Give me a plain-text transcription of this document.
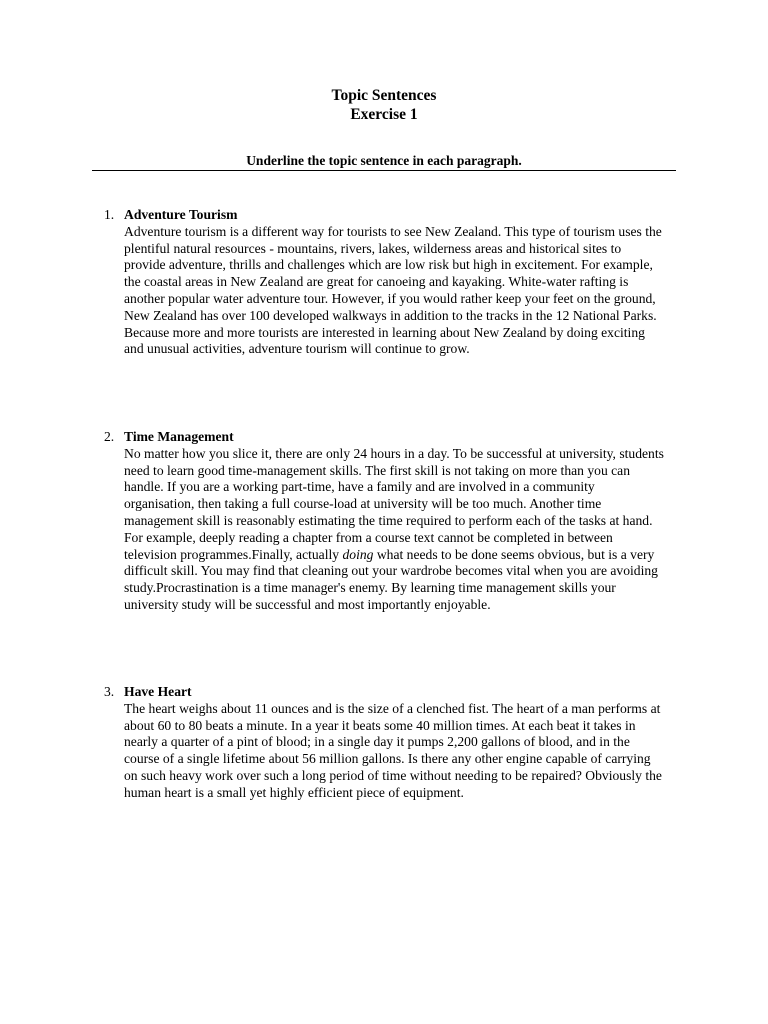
Topic Sentences
Exercise 1
Underline the topic sentence in each paragraph.
1. Adventure Tourism
Adventure tourism is a different way for tourists to see New Zealand. This type of tourism uses the plentiful natural resources - mountains, rivers, lakes, wilderness areas and historical sites to provide adventure, thrills and challenges which are low risk but high in excitement. For example, the coastal areas in New Zealand are great for canoeing and kayaking. White-water rafting is another popular water adventure tour. However, if you would rather keep your feet on the ground, New Zealand has over 100 developed walkways in addition to the tracks in the 12 National Parks. Because more and more tourists are interested in learning about New Zealand by doing exciting and unusual activities, adventure tourism will continue to grow.
2. Time Management
No matter how you slice it, there are only 24 hours in a day. To be successful at university, students need to learn good time-management skills. The first skill is not taking on more than you can handle. If you are a working part-time, have a family and are involved in a community organisation, then taking a full course-load at university will be too much. Another time management skill is reasonably estimating the time required to perform each of the tasks at hand. For example, deeply reading a chapter from a course text cannot be completed in between television programmes.Finally, actually doing what needs to be done seems obvious, but is a very difficult skill. You may find that cleaning out your wardrobe becomes vital when you are avoiding study.Procrastination is a time manager's enemy. By learning time management skills your university study will be successful and most importantly enjoyable.
3. Have Heart
The heart weighs about 11 ounces and is the size of a clenched fist. The heart of a man performs at about 60 to 80 beats a minute. In a year it beats some 40 million times. At each beat it takes in nearly a quarter of a pint of blood; in a single day it pumps 2,200 gallons of blood, and in the course of a single lifetime about 56 million gallons. Is there any other engine capable of carrying on such heavy work over such a long period of time without needing to be repaired? Obviously the human heart is a small yet highly efficient piece of equipment.
